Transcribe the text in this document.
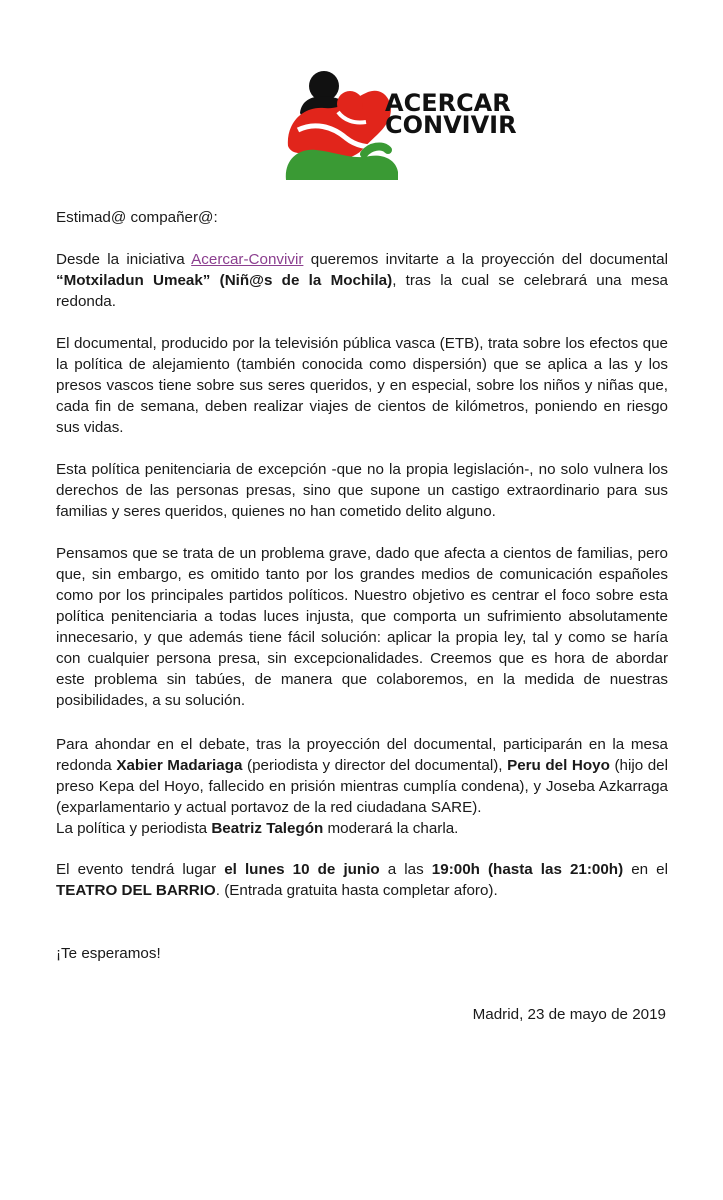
ACERCAR
CONVIVIR

Estimad@ compañer@:

Desde la iniciativa Acercar-Convivir queremos invitarte a la proyección del documental “Motxiladun Umeak” (Niñ@s de la Mochila), tras la cual se celebrará una mesa redonda.

El documental, producido por la televisión pública vasca (ETB), trata sobre los efectos que la política de alejamiento (también conocida como dispersión) que se aplica a las y los presos vascos tiene sobre sus seres queridos, y en especial, sobre los niños y niñas que, cada fin de semana, deben realizar viajes de cientos de kilómetros, poniendo en riesgo sus vidas.

Esta política penitenciaria de excepción -que no la propia legislación-, no solo vulnera los derechos de las personas presas, sino que supone un castigo extraordinario para sus familias y seres queridos, quienes no han cometido delito alguno.

Pensamos que se trata de un problema grave, dado que afecta a cientos de familias, pero que, sin embargo, es omitido tanto por los grandes medios de comunicación españoles como por los principales partidos políticos. Nuestro objetivo es centrar el foco sobre esta política penitenciaria a todas luces injusta, que comporta un sufrimiento absolutamente innecesario, y que además tiene fácil solución: aplicar la propia ley, tal y como se haría con cualquier persona presa, sin excepcionalidades. Creemos que es hora de abordar este problema sin tabúes, de manera que colaboremos, en la medida de nuestras posibilidades, a su solución.

Para ahondar en el debate, tras la proyección del documental, participarán en la mesa redonda Xabier Madariaga (periodista y director del documental), Peru del Hoyo (hijo del preso Kepa del Hoyo, fallecido en prisión mientras cumplía condena), y Joseba Azkarraga (exparlamentario y actual portavoz de la red ciudadana SARE).

La política y periodista Beatriz Talegón moderará la charla.

El evento tendrá lugar el lunes 10 de junio a las 19:00h (hasta las 21:00h) en el TEATRO DEL BARRIO. (Entrada gratuita hasta completar aforo).

¡Te esperamos!

Madrid, 23 de mayo de 2019
